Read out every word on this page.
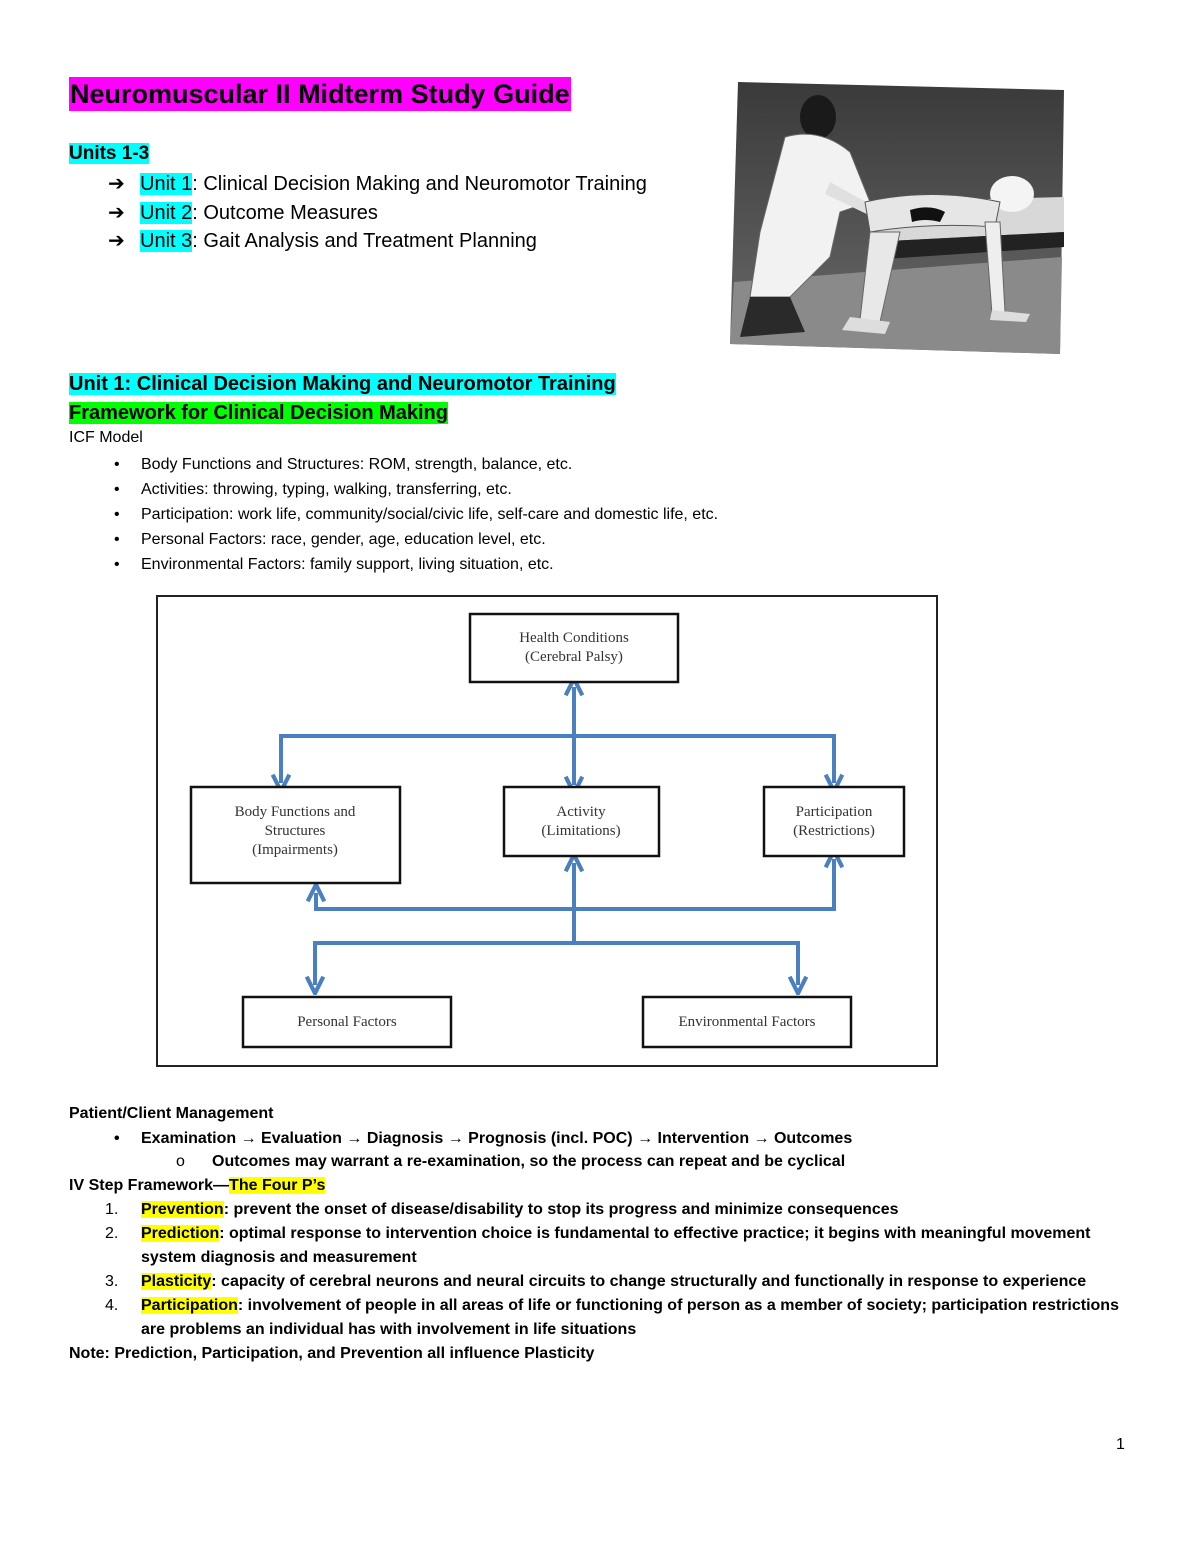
Neuromuscular II Midterm Study Guide
Units 1-3
➔ Unit 1: Clinical Decision Making and Neuromotor Training
➔ Unit 2: Outcome Measures
➔ Unit 3: Gait Analysis and Treatment Planning
Unit 1: Clinical Decision Making and Neuromotor Training
Framework for Clinical Decision Making
ICF Model
• Body Functions and Structures: ROM, strength, balance, etc.
• Activities: throwing, typing, walking, transferring, etc.
• Participation: work life, community/social/civic life, self-care and domestic life, etc.
• Personal Factors: race, gender, age, education level, etc.
• Environmental Factors: family support, living situation, etc.
Health Conditions
(Cerebral Palsy)
Body Functions and
Structures
(Impairments)
Activity
(Limitations)
Participation
(Restrictions)
Personal Factors	Environmental Factors
Patient/Client Management
• Examination → Evaluation → Diagnosis → Prognosis (incl. POC) → Intervention → Outcomes
o Outcomes may warrant a re-examination, so the process can repeat and be cyclical
IV Step Framework—The Four P’s
1. Prevention: prevent the onset of disease/disability to stop its progress and minimize consequences
2. Prediction: optimal response to intervention choice is fundamental to effective practice; it begins with meaningful movement system diagnosis and measurement
3. Plasticity: capacity of cerebral neurons and neural circuits to change structurally and functionally in response to experience
4. Participation: involvement of people in all areas of life or functioning of person as a member of society; participation restrictions are problems an individual has with involvement in life situations
Note: Prediction, Participation, and Prevention all influence Plasticity
1
